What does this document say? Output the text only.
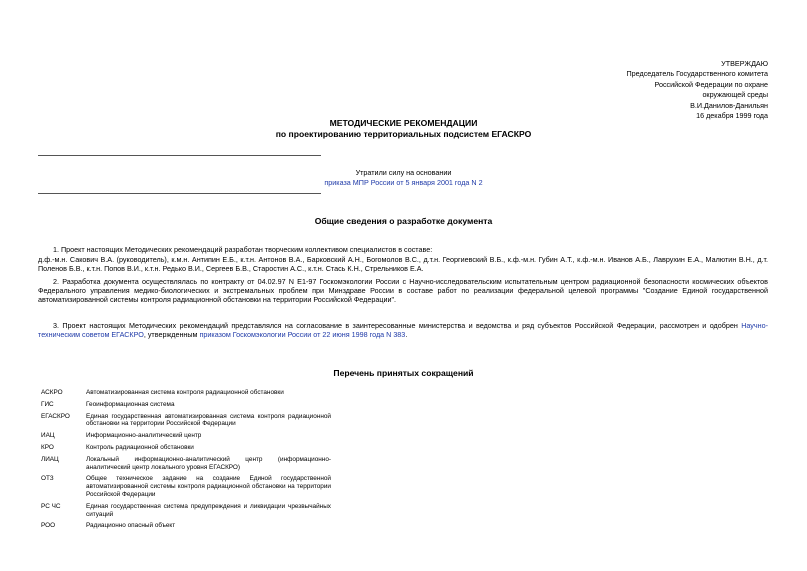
УТВЕРЖДАЮ
Председатель Государственного комитета
Российской Федерации по охране
окружающей среды
В.И.Данилов-Данильян
16 декабря 1999 года
МЕТОДИЧЕСКИЕ РЕКОМЕНДАЦИИ
по проектированию территориальных подсистем ЕГАСКРО
Утратили силу на основании
приказа МПР России от 5 января 2001 года N 2
Общие сведения о разработке документа
1. Проект настоящих Методических рекомендаций разработан творческим коллективом специалистов в составе:
д.ф.-м.н. Сакович В.А. (руководитель), к.м.н. Антипин Е.Б., к.т.н. Антонов В.А., Барковский А.Н., Богомолов В.С., д.т.н. Георгиевский В.Б., к.ф.-м.н. Губин А.Т., к.ф.-м.н. Иванов А.Б., Лаврухин Е.А., Малютин В.Н., д.т. Поленов Б.В., к.т.н. Попов В.И., к.т.н. Редько В.И., Сергеев Б.В., Старостин А.С., к.т.н. Стась К.Н., Стрельников Е.А.
2. Разработка документа осуществлялась по контракту от 04.02.97 N Е1-97 Госкомэкологии России с Научно-исследовательским испытательным центром радиационной безопасности космических объектов Федерального управления медико-биологических и экстремальных проблем при Минздраве России в составе работ по реализации федеральной целевой программы "Создание Единой государственной автоматизированной системы контроля радиационной обстановки на территории Российской Федерации".
3. Проект настоящих Методических рекомендаций представлялся на согласование в заинтересованные министерства и ведомства и ряд субъектов Российской Федерации, рассмотрен и одобрен Научно-техническим советом ЕГАСКРО, утвержденным приказом Госкомэкологии России от 22 июня 1998 года N 383.
Перечень принятых сокращений
АСКРО	Автоматизированная система контроля радиационной обстановки
ГИС	Геоинформационная система
ЕГАСКРО	Единая государственная автоматизированная система контроля радиационной обстановки на территории Российской Федерации
ИАЦ	Информационно-аналитический центр
КРО	Контроль радиационной обстановки
ЛИАЦ	Локальный информационно-аналитический центр (информационно-аналитический центр локального уровня ЕГАСКРО)
ОТЗ	Общее техническое задание на создание Единой государственной автоматизированной системы контроля радиационной обстановки на территории Российской Федерации
РС ЧС	Единая государственная система предупреждения и ликвидации чрезвычайных ситуаций
РОО	Радиационно опасный объект
